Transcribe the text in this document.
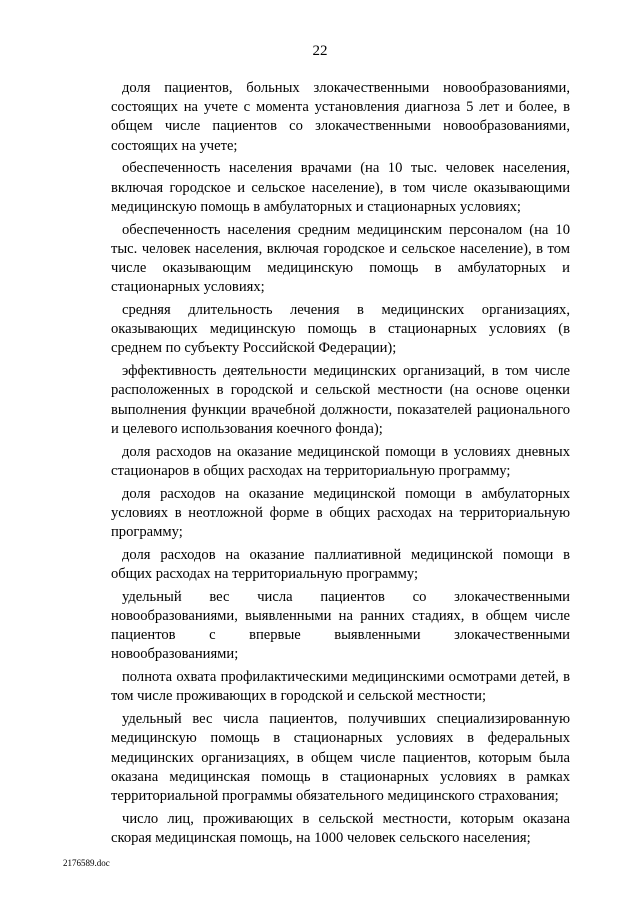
22

доля пациентов, больных злокачественными новообразованиями, состоящих на учете с момента установления диагноза 5 лет и более, в общем числе пациентов со злокачественными новообразованиями, состоящих на учете;

обеспеченность населения врачами (на 10 тыс. человек населения, включая городское и сельское население), в том числе оказывающими медицинскую помощь в амбулаторных и стационарных условиях;

обеспеченность населения средним медицинским персоналом (на 10 тыс. человек населения, включая городское и сельское население), в том числе оказывающим медицинскую помощь в амбулаторных и стационарных условиях;

средняя длительность лечения в медицинских организациях, оказывающих медицинскую помощь в стационарных условиях (в среднем по субъекту Российской Федерации);

эффективность деятельности медицинских организаций, в том числе расположенных в городской и сельской местности (на основе оценки выполнения функции врачебной должности, показателей рационального и целевого использования коечного фонда);

доля расходов на оказание медицинской помощи в условиях дневных стационаров в общих расходах на территориальную программу;

доля расходов на оказание медицинской помощи в амбулаторных условиях в неотложной форме в общих расходах на территориальную программу;

доля расходов на оказание паллиативной медицинской помощи в общих расходах на территориальную программу;

удельный вес числа пациентов со злокачественными новообразованиями, выявленными на ранних стадиях, в общем числе пациентов с впервые выявленными злокачественными новообразованиями;

полнота охвата профилактическими медицинскими осмотрами детей, в том числе проживающих в городской и сельской местности;

удельный вес числа пациентов, получивших специализированную медицинскую помощь в стационарных условиях в федеральных медицинских организациях, в общем числе пациентов, которым была оказана медицинская помощь в стационарных условиях в рамках территориальной программы обязательного медицинского страхования;

число лиц, проживающих в сельской местности, которым оказана скорая медицинская помощь, на 1000 человек сельского населения;

2176589.doc
